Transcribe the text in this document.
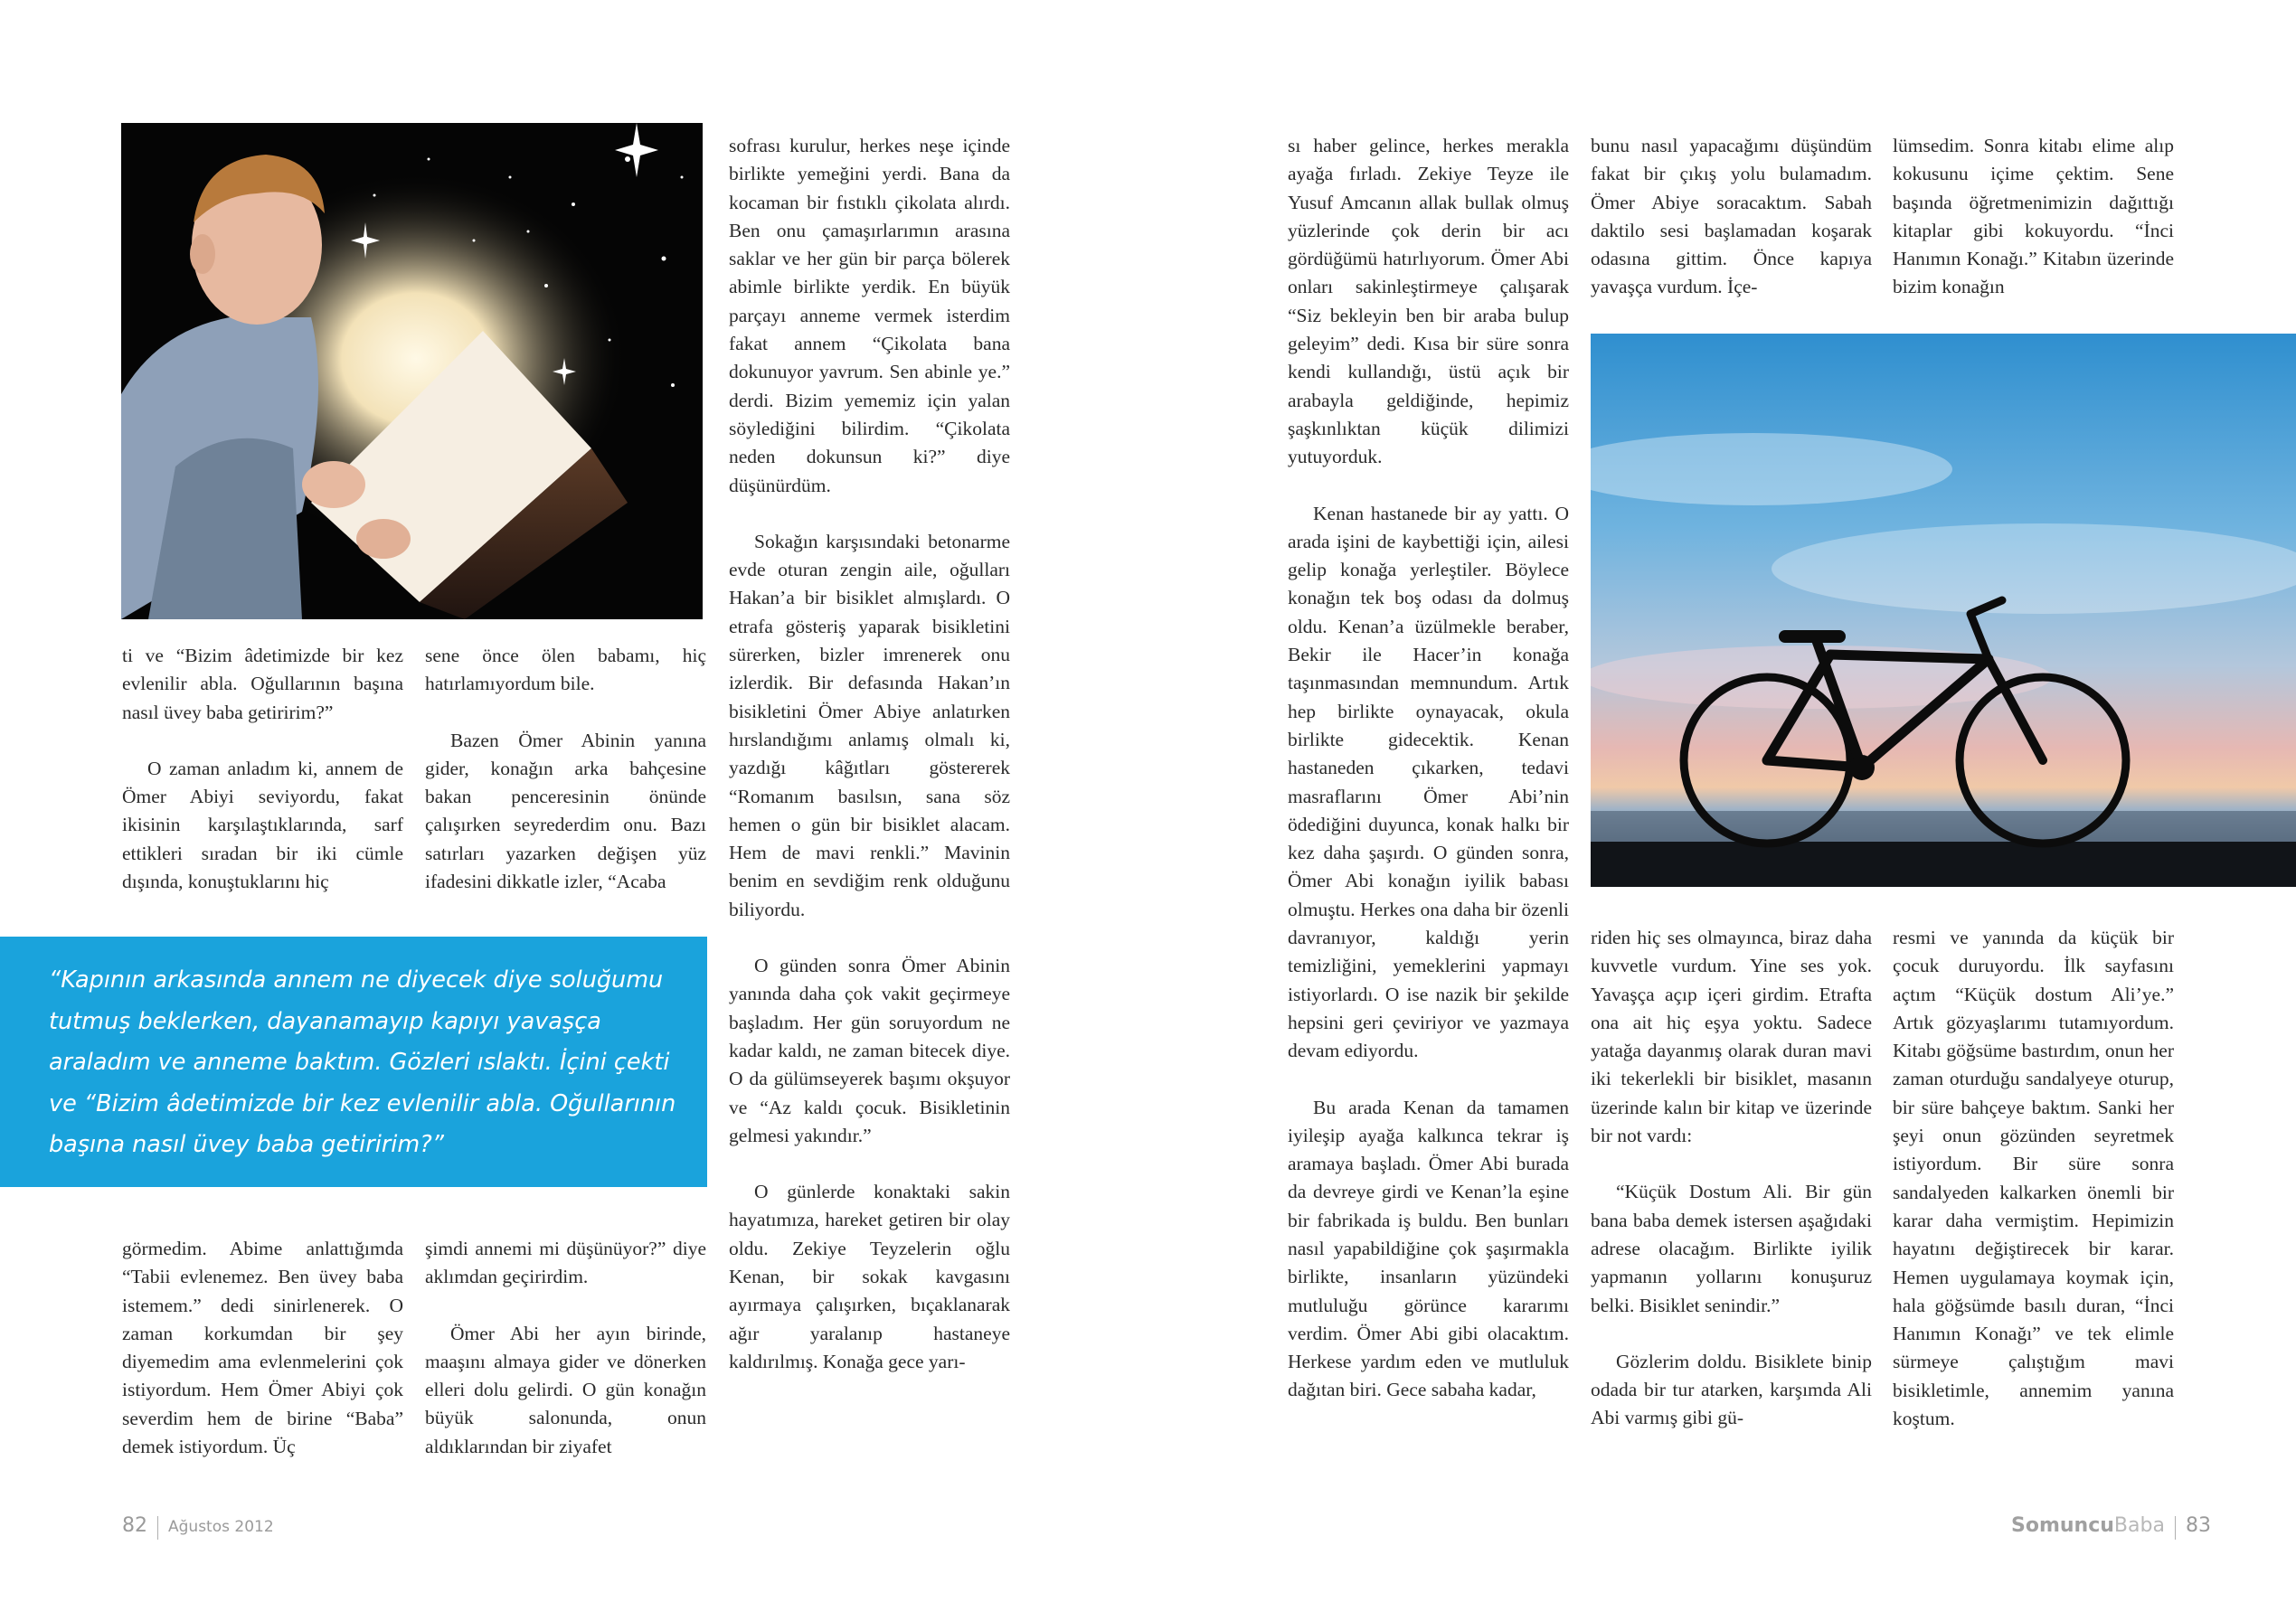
ti ve “Bizim âdetimizde bir kez evlenilir abla. Oğullarının başına nasıl üvey baba getiririm?”

O zaman anladım ki, annem de Ömer Abiyi seviyordu, fakat ikisinin karşılaştıklarında, sarf ettikleri sıradan bir iki cümle dışında, konuştuklarını hiç

sene önce ölen babamı, hiç hatırlamıyordum bile.

Bazen Ömer Abinin yanına gider, konağın arka bahçesine bakan penceresinin önünde çalışırken seyrederdim onu. Bazı satırları yazarken değişen yüz ifadesini dikkatle izler, “Acaba

“Kapının arkasında annem ne diyecek diye soluğumu tutmuş beklerken, dayanamayıp kapıyı yavaşça araladım ve anneme baktım. Gözleri ıslaktı. İçini çekti ve “Bizim âdetimizde bir kez evlenilir abla. Oğullarının başına nasıl üvey baba getiririm?”

görmedim. Abime anlattığımda “Tabii evlenemez. Ben üvey baba istemem.” dedi sinirlenerek. O zaman korkumdan bir şey diyemedim ama evlenmelerini çok istiyordum. Hem Ömer Abiyi çok severdim hem de birine “Baba” demek istiyordum. Üç

şimdi annemi mi düşünüyor?” diye aklımdan geçirirdim.

Ömer Abi her ayın birinde, maaşını almaya gider ve dönerken elleri dolu gelirdi. O gün konağın büyük salonunda, onun aldıklarından bir ziyafet

sofrası kurulur, herkes neşe içinde birlikte yemeğini yerdi. Bana da kocaman bir fıstıklı çikolata alırdı. Ben onu çamaşırlarımın arasına saklar ve her gün bir parça bölerek abimle birlikte yerdik. En büyük parçayı anneme vermek isterdim fakat annem “Çikolata bana dokunuyor yavrum. Sen abinle ye.” derdi. Bizim yememiz için yalan söylediğini bilirdim. “Çikolata neden dokunsun ki?” diye düşünürdüm.

Sokağın karşısındaki betonarme evde oturan zengin aile, oğulları Hakan’a bir bisiklet almışlardı. O etrafa gösteriş yaparak bisikletini sürerken, bizler imrenerek onu izlerdik. Bir defasında Hakan’ın bisikletini Ömer Abiye anlatırken hırslandığımı anlamış olmalı ki, yazdığı kâğıtları göstererek “Romanım basılsın, sana söz hemen o gün bir bisiklet alacam. Hem de mavi renkli.” Mavinin benim en sevdiğim renk olduğunu biliyordu.

O günden sonra Ömer Abinin yanında daha çok vakit geçirmeye başladım. Her gün soruyordum ne kadar kaldı, ne zaman bitecek diye. O da gülümseyerek başımı okşuyor ve “Az kaldı çocuk. Bisikletinin gelmesi yakındır.”

O günlerde konaktaki sakin hayatımıza, hareket getiren bir olay oldu. Zekiye Teyzelerin oğlu Kenan, bir sokak kavgasını ayırmaya çalışırken, bıçaklanarak ağır yaralanıp hastaneye kaldırılmış. Konağa gece yarı-

82 Ağustos 2012

sı haber gelince, herkes merakla ayağa fırladı. Zekiye Teyze ile Yusuf Amcanın allak bullak olmuş yüzlerinde çok derin bir acı gördüğümü hatırlıyorum. Ömer Abi onları sakinleştirmeye çalışarak “Siz bekleyin ben bir araba bulup geleyim” dedi. Kısa bir süre sonra kendi kullandığı, üstü açık bir arabayla geldiğinde, hepimiz şaşkınlıktan küçük dilimizi yutuyorduk.

Kenan hastanede bir ay yattı. O arada işini de kaybettiği için, ailesi gelip konağa yerleştiler. Böylece konağın tek boş odası da dolmuş oldu. Kenan’a üzülmekle beraber, Bekir ile Hacer’in konağa taşınmasından memnundum. Artık hep birlikte oynayacak, okula birlikte gidecektik. Kenan hastaneden çıkarken, tedavi masraflarını Ömer Abi’nin ödediğini duyunca, konak halkı bir kez daha şaşırdı. O günden sonra, Ömer Abi konağın iyilik babası olmuştu. Herkes ona daha bir özenli davranıyor, kaldığı yerin temizliğini, yemeklerini yapmayı istiyorlardı. O ise nazik bir şekilde hepsini geri çeviriyor ve yazmaya devam ediyordu.

Bu arada Kenan da tamamen iyileşip ayağa kalkınca tekrar iş aramaya başladı. Ömer Abi burada da devreye girdi ve Kenan’la eşine bir fabrikada iş buldu. Ben bunları nasıl yapabildiğine çok şaşırmakla birlikte, insanların yüzündeki mutluluğu görünce kararımı verdim. Ömer Abi gibi olacaktım. Herkese yardım eden ve mutluluk dağıtan biri. Gece sabaha kadar,

bunu nasıl yapacağımı düşündüm fakat bir çıkış yolu bulamadım. Ömer Abiye soracaktım. Sabah daktilo sesi başlamadan koşarak odasına gittim. Önce kapıya yavaşça vurdum. İçe-

lümsedim. Sonra kitabı elime alıp kokusunu içime çektim. Sene başında öğretmenimizin dağıttığı kitaplar gibi kokuyordu. “İnci Hanımın Konağı.” Kitabın üzerinde bizim konağın

riden hiç ses olmayınca, biraz daha kuvvetle vurdum. Yine ses yok. Yavaşça açıp içeri girdim. Etrafta ona ait hiç eşya yoktu. Sadece yatağa dayanmış olarak duran mavi iki tekerlekli bir bisiklet, masanın üzerinde kalın bir kitap ve üzerinde bir not vardı:

“Küçük Dostum Ali. Bir gün bana baba demek istersen aşağıdaki adrese olacağım. Birlikte iyilik yapmanın yollarını konuşuruz belki. Bisiklet senindir.”

Gözlerim doldu. Bisiklete binip odada bir tur atarken, karşımda Ali Abi varmış gibi gü-

resmi ve yanında da küçük bir çocuk duruyordu. İlk sayfasını açtım “Küçük dostum Ali’ye.” Artık gözyaşlarımı tutamıyordum. Kitabı göğsüme bastırdım, onun her zaman oturduğu sandalyeye oturup, bir süre bahçeye baktım. Sanki her şeyi onun gözünden seyretmek istiyordum. Bir süre sonra sandalyeden kalkarken önemli bir karar daha vermiştim. Hepimizin hayatını değiştirecek bir karar. Hemen uygulamaya koymak için, hala göğsümde basılı duran, “İnci Hanımın Konağı” ve tek elimle sürmeye çalıştığım mavi bisikletimle, annemim yanına koştum.

SomuncuBaba 83
